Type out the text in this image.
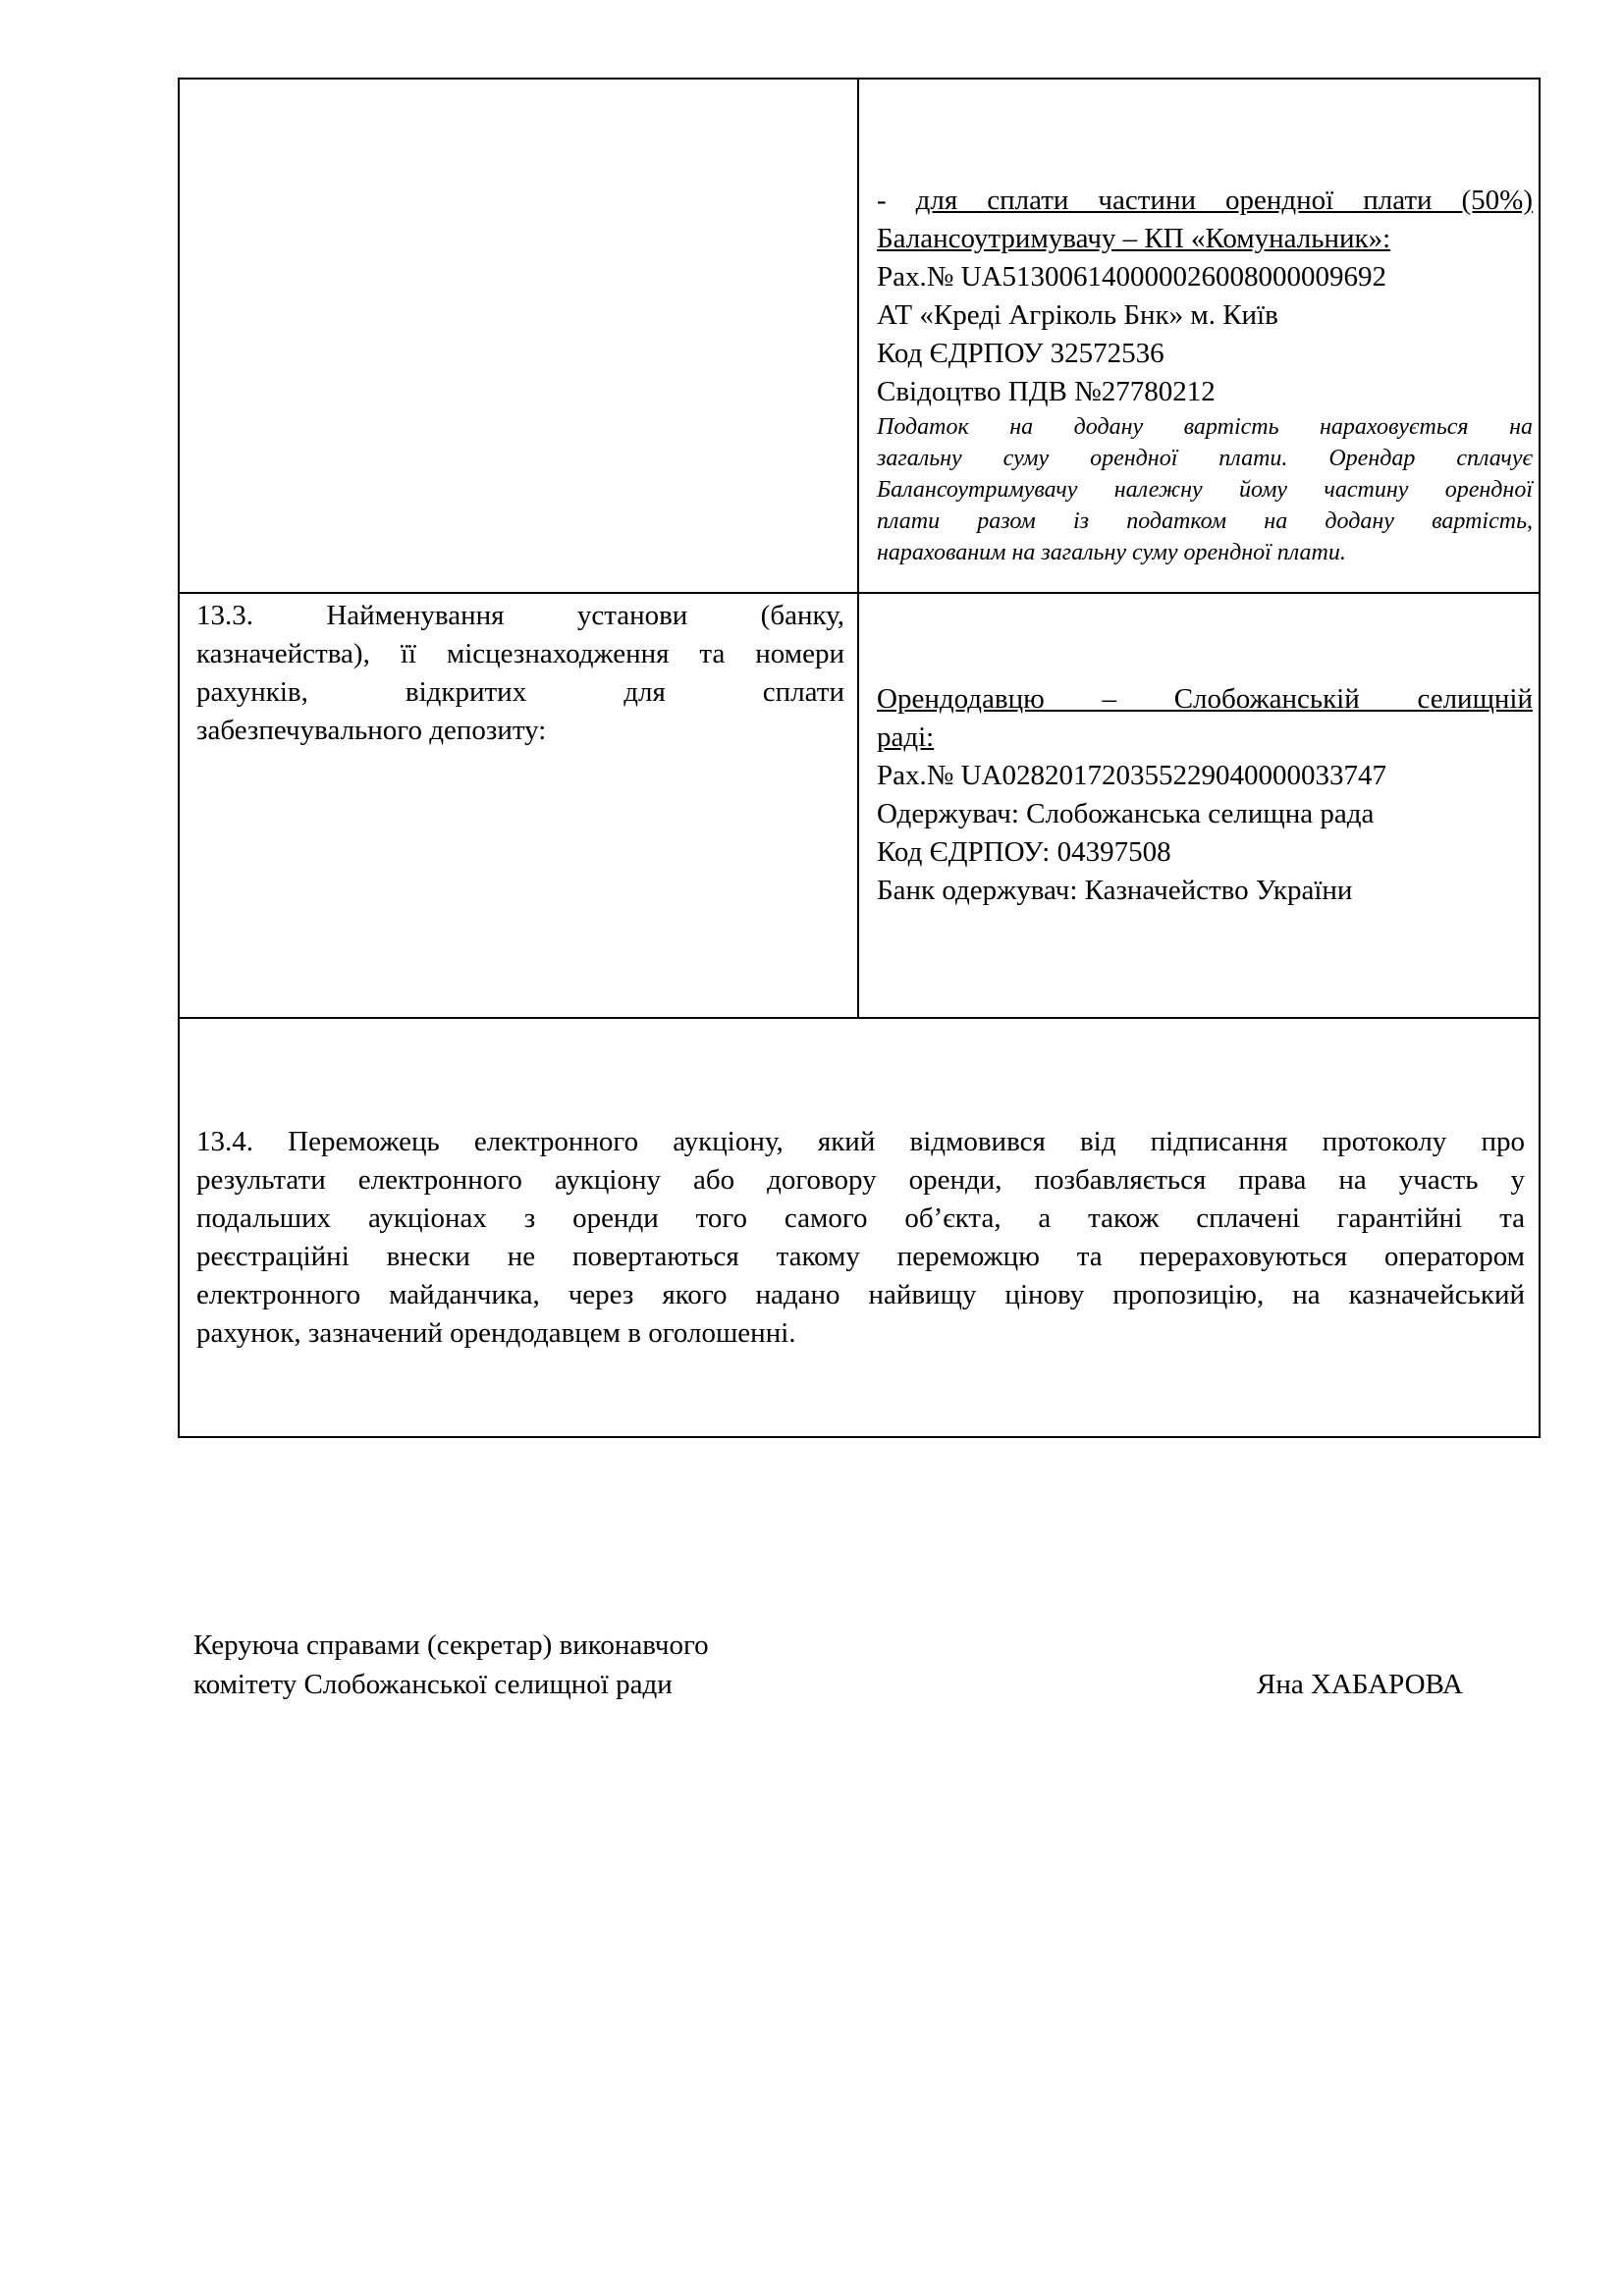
- для сплати частини орендної плати (50%)
Балансоутримувачу – КП «Комунальник»:
Рах.№ UA513006140000026008000009692
АТ «Креді Агріколь Бнк» м. Київ
Код ЄДРПОУ 32572536
Свідоцтво ПДВ №27780212
Податок на додану вартість нараховується на
загальну суму орендної плати. Орендар сплачує
Балансоутримувачу належну йому частину орендної
плати разом із податком на додану вартість,
нарахованим на загальну суму орендної плати.
13.3. Найменування установи (банку,
казначейства), її місцезнаходження та номери
рахунків, відкритих для сплати
забезпечувального депозиту:
Орендодавцю – Слобожанській селищній
раді:
Рах.№ UA028201720355229040000033747
Одержувач: Слобожанська селищна рада
Код ЄДРПОУ: 04397508
Банк одержувач: Казначейство України
13.4. Переможець електронного аукціону, який відмовився від підписання протоколу про
результати електронного аукціону або договору оренди, позбавляється права на участь у
подальших аукціонах з оренди того самого об’єкта, а також сплачені гарантійні та
реєстраційні внески не повертаються такому переможцю та перераховуються оператором
електронного майданчика, через якого надано найвищу цінову пропозицію, на казначейський
рахунок, зазначений орендодавцем в оголошенні.
Керуюча справами (секретар) виконавчого
комітету Слобожанської селищної ради	Яна ХАБАРОВА
